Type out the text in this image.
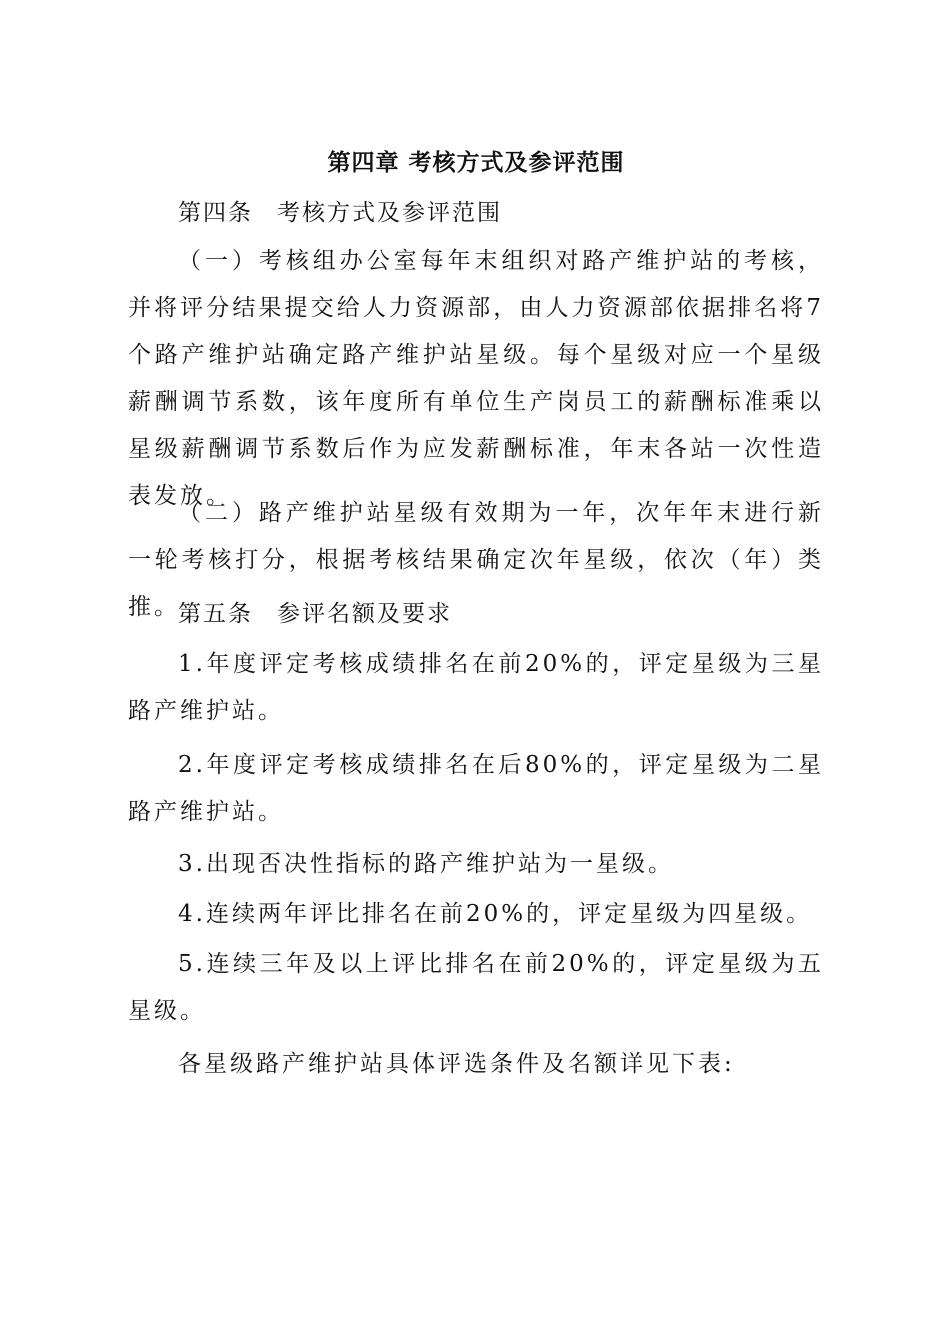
第四章 考核方式及参评范围

第四条 考核方式及参评范围

（一）考核组办公室每年末组织对路产维护站的考核，并将评分结果提交给人力资源部，由人力资源部依据排名将7个路产维护站确定路产维护站星级。每个星级对应一个星级薪酬调节系数，该年度所有单位生产岗员工的薪酬标准乘以星级薪酬调节系数后作为应发薪酬标准，年末各站一次性造表发放。

（二）路产维护站星级有效期为一年，次年年末进行新一轮考核打分，根据考核结果确定次年星级，依次（年）类推。

第五条 参评名额及要求

1.年度评定考核成绩排名在前20%的，评定星级为三星路产维护站。

2.年度评定考核成绩排名在后80%的，评定星级为二星路产维护站。

3.出现否决性指标的路产维护站为一星级。

4.连续两年评比排名在前20%的，评定星级为四星级。

5.连续三年及以上评比排名在前20%的，评定星级为五星级。

各星级路产维护站具体评选条件及名额详见下表:
